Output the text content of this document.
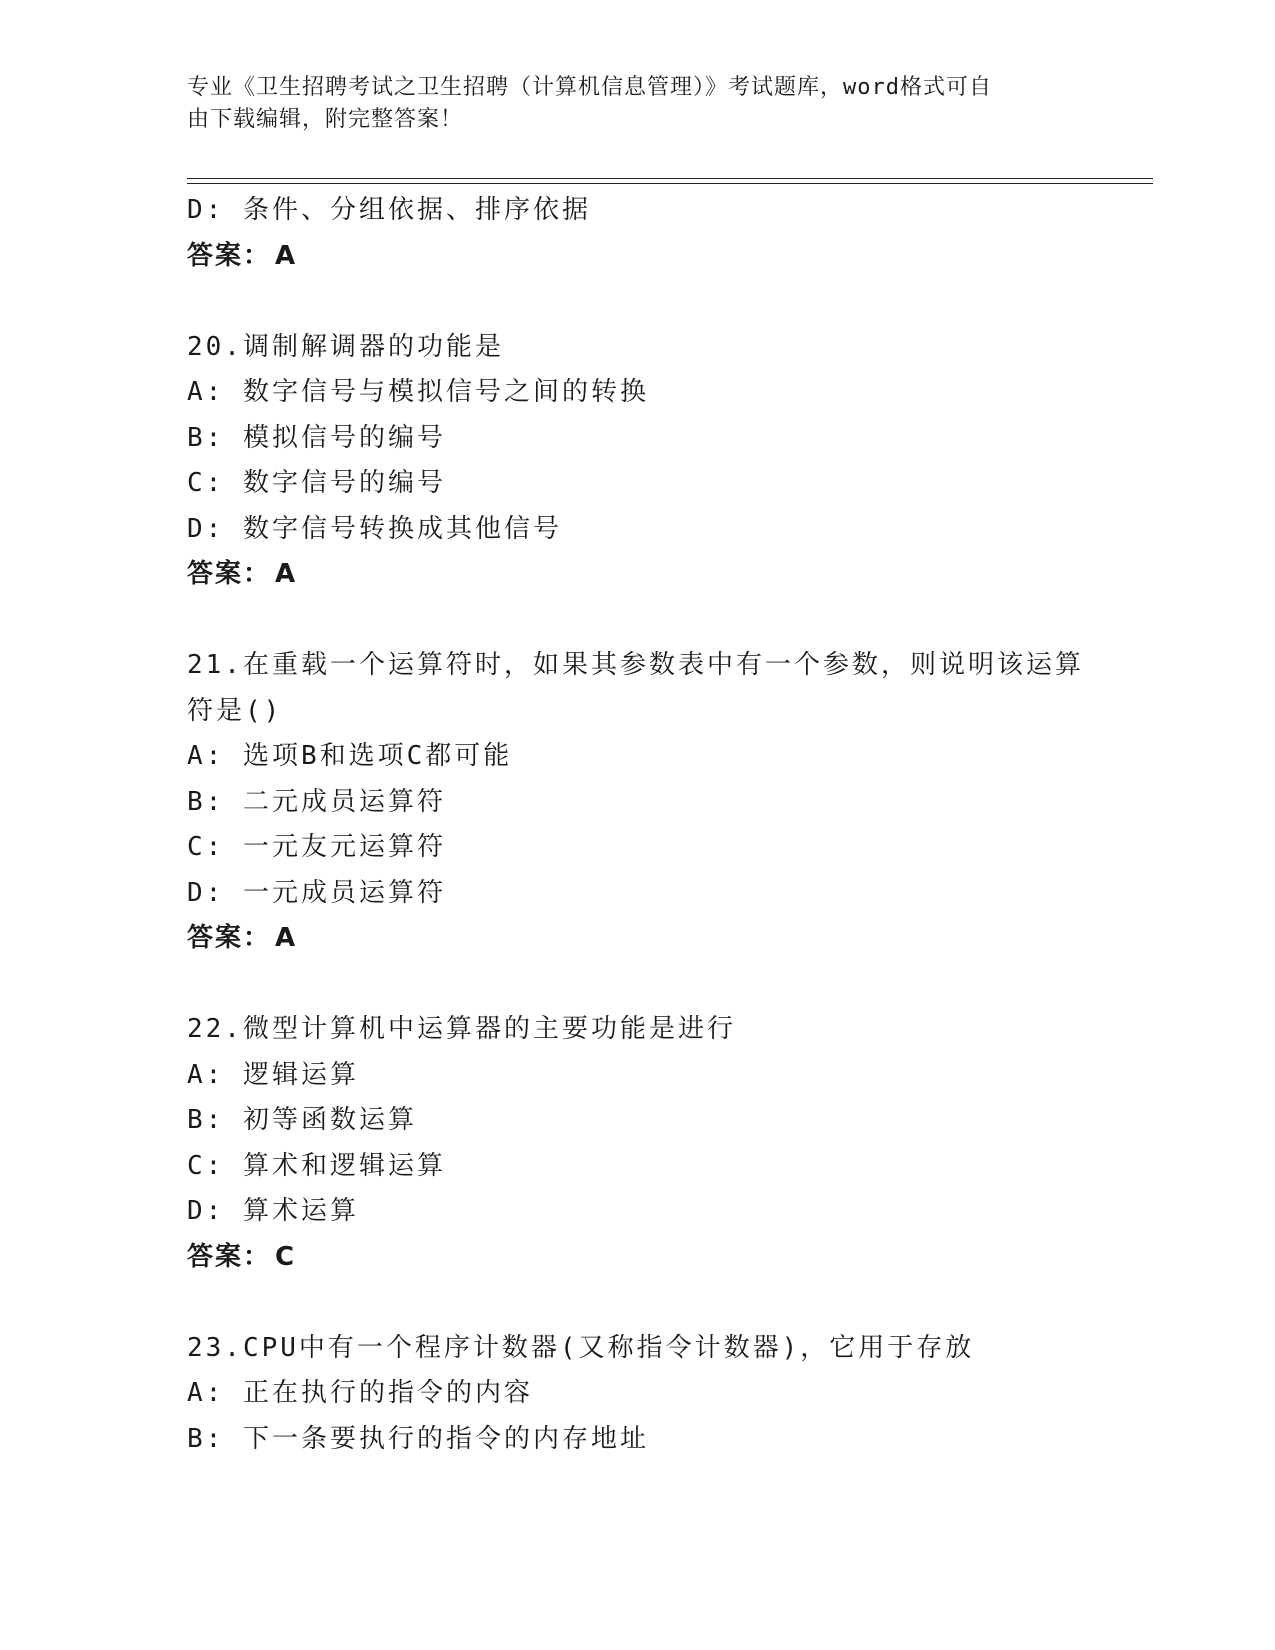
专业《卫生招聘考试之卫生招聘（计算机信息管理）》考试题库，word格式可自
由下载编辑，附完整答案！
D: 条件、分组依据、排序依据
答案： A
20.调制解调器的功能是
A: 数字信号与模拟信号之间的转换
B: 模拟信号的编号
C: 数字信号的编号
D: 数字信号转换成其他信号
答案： A
21.在重载一个运算符时，如果其参数表中有一个参数，则说明该运算
符是()
A: 选项B和选项C都可能
B: 二元成员运算符
C: 一元友元运算符
D: 一元成员运算符
答案： A
22.微型计算机中运算器的主要功能是进行
A: 逻辑运算
B: 初等函数运算
C: 算术和逻辑运算
D: 算术运算
答案： C
23.CPU中有一个程序计数器(又称指令计数器)，它用于存放
A: 正在执行的指令的内容
B: 下一条要执行的指令的内存地址
